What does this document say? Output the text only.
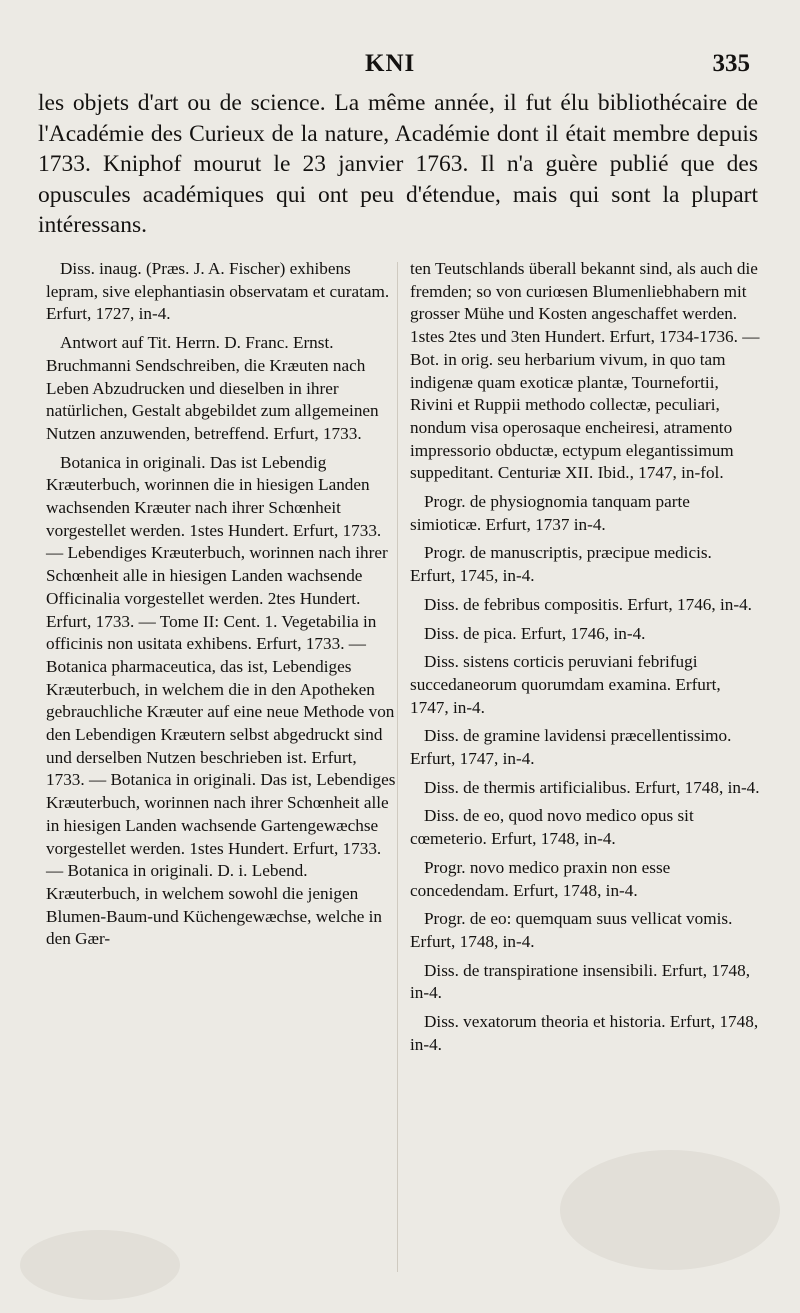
KNI	335

les objets d'art ou de science. La même année, il fut élu bibliothécaire de l'Académie des Curieux de la nature, Académie dont il était membre depuis 1733. Kniphof mourut le 23 janvier 1763. Il n'a guère publié que des opuscules académiques qui ont peu d'étendue, mais qui sont la plupart intéressans.

Diss. inaug. (Præs. J. A. Fischer) exhibens lepram, sive elephantiasin observatam et curatam. Erfurt, 1727, in-4.

Antwort auf Tit. Herrn. D. Franc. Ernst. Bruchmanni Sendschreiben, die Kræuten nach Leben Abzudrucken und dieselben in ihrer natürlichen, Gestalt abgebildet zum allgemeinen Nutzen anzuwenden, betreffend. Erfurt, 1733.

Botanica in originali. Das ist Lebendig Kræuterbuch, worinnen die in hiesigen Landen wachsenden Kræuter nach ihrer Schœnheit vorgestellet werden. 1stes Hundert. Erfurt, 1733. — Lebendiges Kræuterbuch, worinnen nach ihrer Schœnheit alle in hiesigen Landen wachsende Officinalia vorgestellet werden. 2tes Hundert. Erfurt, 1733. — Tome II: Cent. 1. Vegetabilia in officinis non usitata exhibens. Erfurt, 1733. — Botanica pharmaceutica, das ist, Lebendiges Kræuterbuch, in welchem die in den Apotheken gebrauchliche Kræuter auf eine neue Methode von den Lebendigen Kræutern selbst abgedruckt sind und derselben Nutzen beschrieben ist. Erfurt, 1733. — Botanica in originali. Das ist, Lebendiges Kræuterbuch, worinnen nach ihrer Schœnheit alle in hiesigen Landen wachsende Gartengewæchse vorgestellet werden. 1stes Hundert. Erfurt, 1733. — Botanica in originali. D. i. Lebend. Kræuterbuch, in welchem sowohl die jenigen Blumen-Baum-und Küchengewæchse, welche in den Gær-

ten Teutschlands überall bekannt sind, als auch die fremden; so von curiœsen Blumenliebhabern mit grosser Mühe und Kosten angeschaffet werden. 1stes 2tes und 3ten Hundert. Erfurt, 1734-1736. — Bot. in orig. seu herbarium vivum, in quo tam indigenæ quam exoticæ plantæ, Tournefortii, Rivini et Ruppii methodo collectæ, peculiari, nondum visa operosaque encheiresi, atramento impressorio obductæ, ectypum elegantissimum suppeditant. Centuriæ XII. Ibid., 1747, in-fol.

Progr. de physiognomia tanquam parte simioticæ. Erfurt, 1737 in-4.

Progr. de manuscriptis, præcipue medicis. Erfurt, 1745, in-4.

Diss. de febribus compositis. Erfurt, 1746, in-4.

Diss. de pica. Erfurt, 1746, in-4.

Diss. sistens corticis peruviani febrifugi succedaneorum quorumdam examina. Erfurt, 1747, in-4.

Diss. de gramine lavidensi præcellentissimo. Erfurt, 1747, in-4.

Diss. de thermis artificialibus. Erfurt, 1748, in-4.

Diss. de eo, quod novo medico opus sit cœmeterio. Erfurt, 1748, in-4.

Progr. novo medico praxin non esse concedendam. Erfurt, 1748, in-4.

Progr. de eo: quemquam suus vellicat vomis. Erfurt, 1748, in-4.

Diss. de transpiratione insensibili. Erfurt, 1748, in-4.

Diss. vexatorum theoria et historia. Erfurt, 1748, in-4.
